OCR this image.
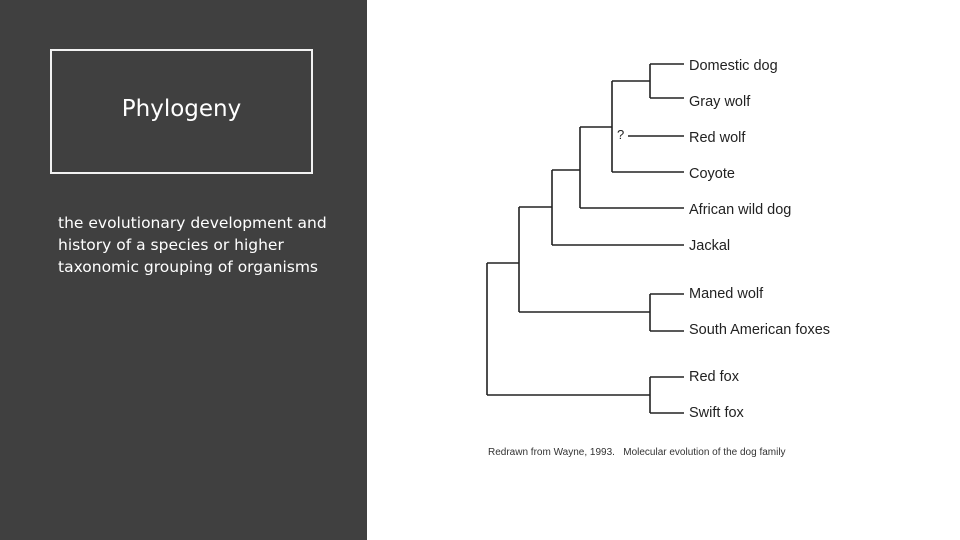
Phylogeny
the evolutionary development and history of a species or higher taxonomic grouping of organisms
?
Domestic dog
Gray wolf
Red wolf
Coyote
African wild dog
Jackal
Maned wolf
South American foxes
Red fox
Swift fox
Redrawn from Wayne, 1993.   Molecular evolution of the dog family
